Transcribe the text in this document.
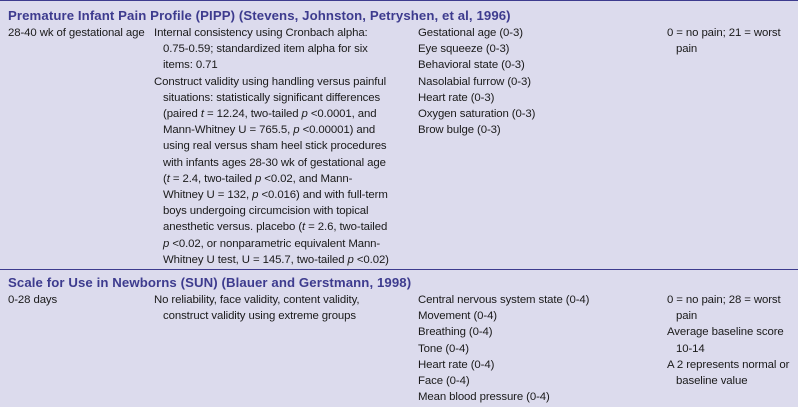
Premature Infant Pain Profile (PIPP) (Stevens, Johnston, Petryshen, et al, 1996)
28-40 wk of gestational age Internal consistency using Cronbach alpha: 0.75-0.59; standardized item alpha for six items: 0.71
Construct validity using handling versus painful situations: statistically significant differences (paired t = 12.24, two-tailed p <0.0001, and Mann-Whitney U = 765.5, p <0.00001) and using real versus sham heel stick procedures with infants ages 28-30 wk of gestational age (t = 2.4, two-tailed p <0.02, and Mann-Whitney U = 132, p <0.016) and with full-term boys undergoing circumcision with topical anesthetic versus. placebo (t = 2.6, two-tailed p <0.02, or nonparametric equivalent Mann-Whitney U test, U = 145.7, two-tailed p <0.02)
Gestational age (0-3)
Eye squeeze (0-3)
Behavioral state (0-3)
Nasolabial furrow (0-3)
Heart rate (0-3)
Oxygen saturation (0-3)
Brow bulge (0-3)
0 = no pain; 21 = worst pain
Scale for Use in Newborns (SUN) (Blauer and Gerstmann, 1998)
0-28 days	No reliability, face validity, content validity, construct validity using extreme groups
Central nervous system state (0-4)
Movement (0-4)
Breathing (0-4)
Tone (0-4)
Heart rate (0-4)
Face (0-4)
Mean blood pressure (0-4)
0 = no pain; 28 = worst pain
Average baseline score 10-14
A 2 represents normal or baseline value
